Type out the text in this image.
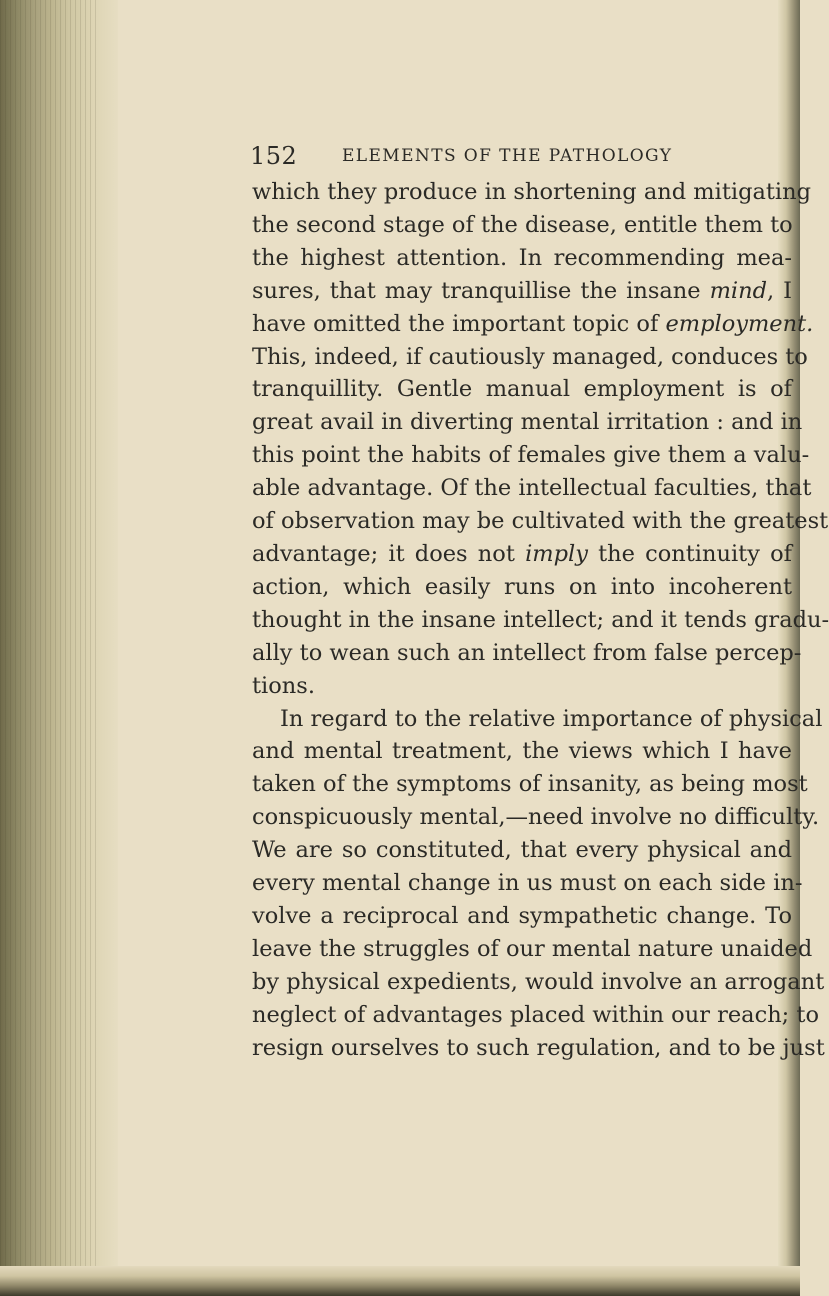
152	ELEMENTS OF THE PATHOLOGY
which they produce in shortening and mitigating
the second stage of the disease, entitle them to
the highest attention. In recommending mea-
sures, that may tranquillise the insane mind, I
have omitted the important topic of employment.
This, indeed, if cautiously managed, conduces to
tranquillity. Gentle manual employment is of
great avail in diverting mental irritation : and in
this point the habits of females give them a valu-
able advantage. Of the intellectual faculties, that
of observation may be cultivated with the greatest
advantage; it does not imply the continuity of
action, which easily runs on into incoherent
thought in the insane intellect; and it tends gradu-
ally to wean such an intellect from false percep-
tions.
In regard to the relative importance of physical
and mental treatment, the views which I have
taken of the symptoms of insanity, as being most
conspicuously mental,—need involve no difficulty.
We are so constituted, that every physical and
every mental change in us must on each side in-
volve a reciprocal and sympathetic change. To
leave the struggles of our mental nature unaided
by physical expedients, would involve an arrogant
neglect of advantages placed within our reach; to
resign ourselves to such regulation, and to be just
